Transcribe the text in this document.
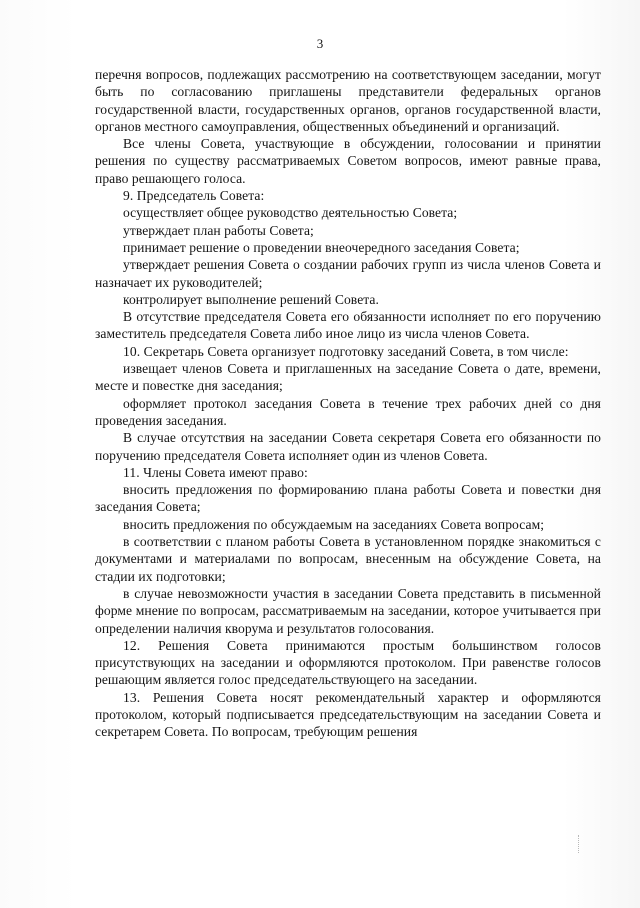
3

перечня вопросов, подлежащих рассмотрению на соответствующем заседании, могут быть по согласованию приглашены представители федеральных органов государственной власти, государственных органов, органов государственной власти, органов местного самоуправления, общественных объединений и организаций.

Все члены Совета, участвующие в обсуждении, голосовании и принятии решения по существу рассматриваемых Советом вопросов, имеют равные права, право решающего голоса.

9. Председатель Совета:

осуществляет общее руководство деятельностью Совета;

утверждает план работы Совета;

принимает решение о проведении внеочередного заседания Совета;

утверждает решения Совета о создании рабочих групп из числа членов Совета и назначает их руководителей;

контролирует выполнение решений Совета.

В отсутствие председателя Совета его обязанности исполняет по его поручению заместитель председателя Совета либо иное лицо из числа членов Совета.

10. Секретарь Совета организует подготовку заседаний Совета, в том числе:

извещает членов Совета и приглашенных на заседание Совета о дате, времени, месте и повестке дня заседания;

оформляет протокол заседания Совета в течение трех рабочих дней со дня проведения заседания.

В случае отсутствия на заседании Совета секретаря Совета его обязанности по поручению председателя Совета исполняет один из членов Совета.

11. Члены Совета имеют право:

вносить предложения по формированию плана работы Совета и повестки дня заседания Совета;

вносить предложения по обсуждаемым на заседаниях Совета вопросам;

в соответствии с планом работы Совета в установленном порядке знакомиться с документами и материалами по вопросам, внесенным на обсуждение Совета, на стадии их подготовки;

в случае невозможности участия в заседании Совета представить в письменной форме мнение по вопросам, рассматриваемым на заседании, которое учитывается при определении наличия кворума и результатов голосования.

12. Решения Совета принимаются простым большинством голосов присутствующих на заседании и оформляются протоколом. При равенстве голосов решающим является голос председательствующего на заседании.

13. Решения Совета носят рекомендательный характер и оформляются протоколом, который подписывается председательствующим на заседании Совета и секретарем Совета. По вопросам, требующим решения
